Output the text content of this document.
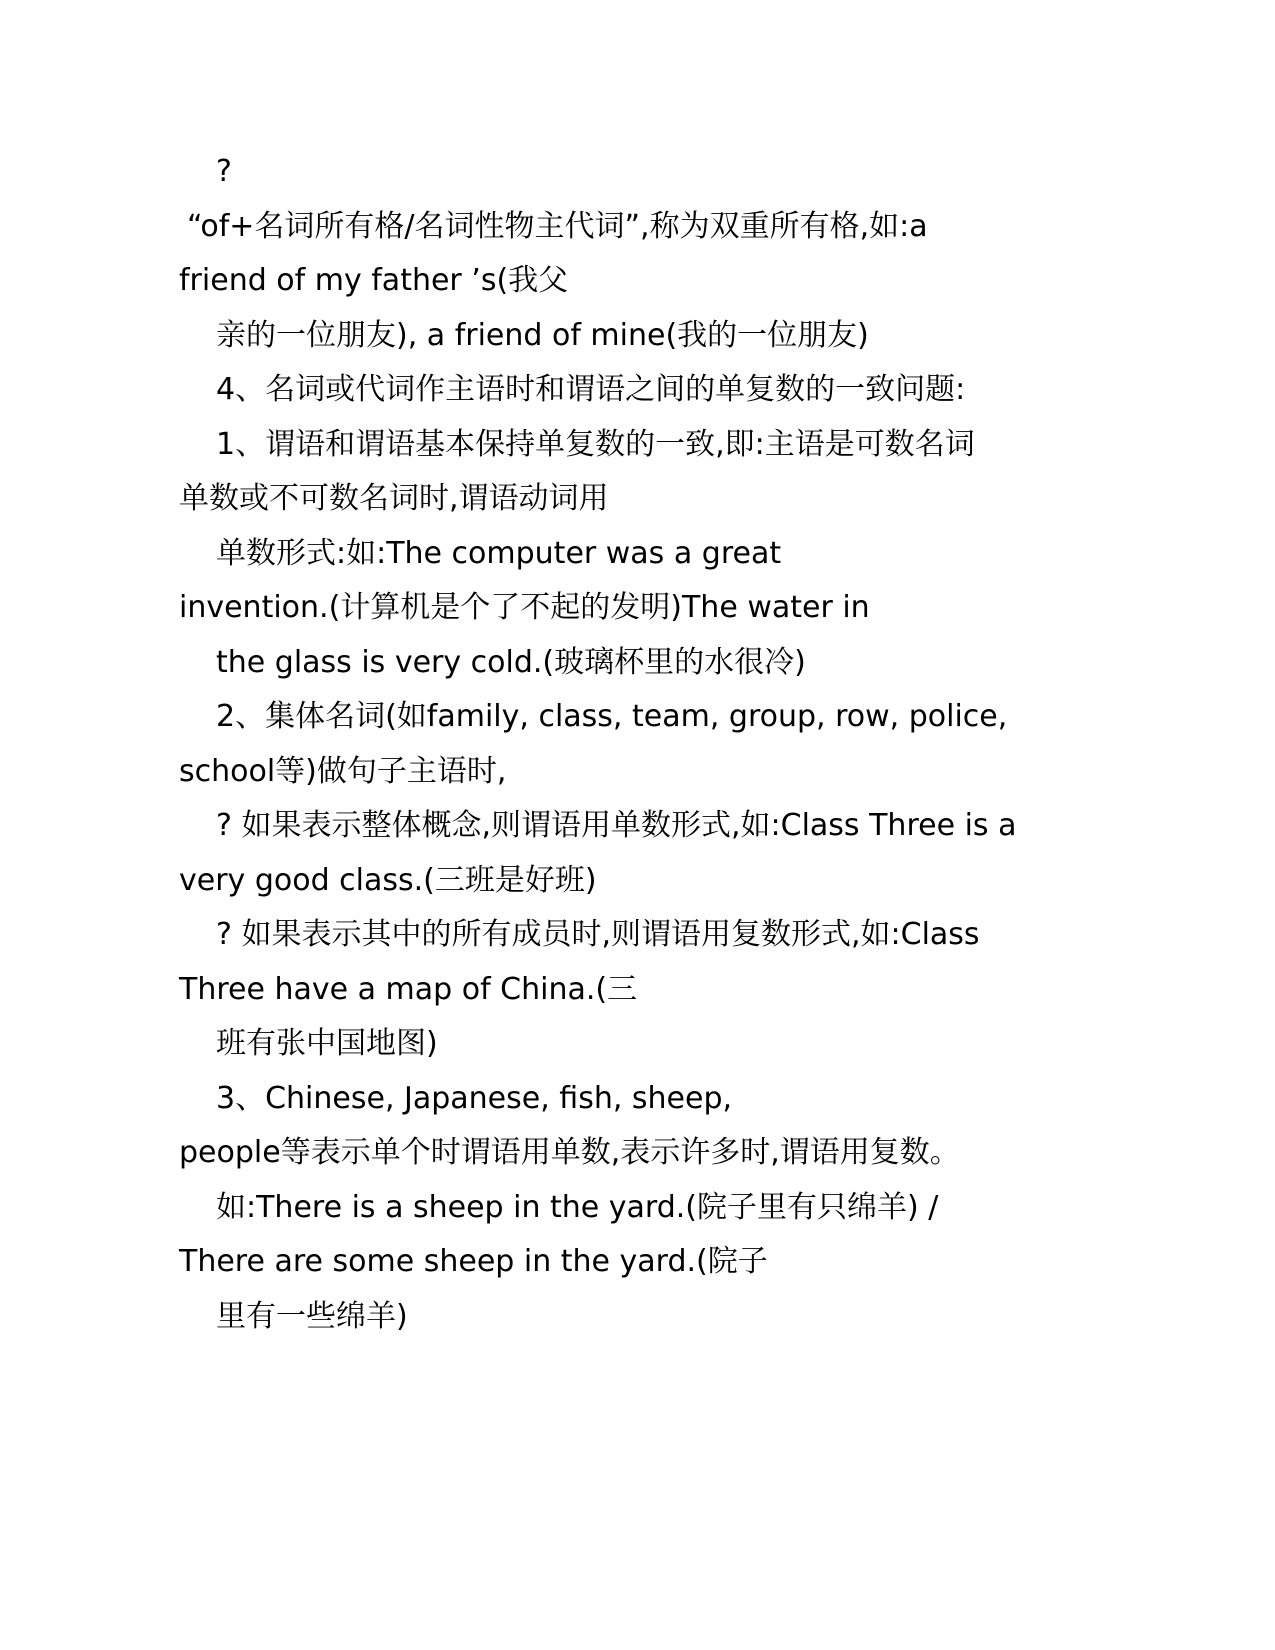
?
“of+名词所有格/名词性物主代词”,称为双重所有格,如:a
friend of my father ’s(我父
亲的一位朋友), a friend of mine(我的一位朋友)
4、名词或代词作主语时和谓语之间的单复数的一致问题:
1、谓语和谓语基本保持单复数的一致,即:主语是可数名词
单数或不可数名词时,谓语动词用
单数形式:如:The computer was a great
invention.(计算机是个了不起的发明)The water in
the glass is very cold.(玻璃杯里的水很冷)
2、集体名词(如family, class, team, group, row, police,
school等)做句子主语时,
? 如果表示整体概念,则谓语用单数形式,如:Class Three is a
very good class.(三班是好班)
? 如果表示其中的所有成员时,则谓语用复数形式,如:Class
Three have a map of China.(三
班有张中国地图)
3、Chinese, Japanese, fish, sheep,
people等表示单个时谓语用单数,表示许多时,谓语用复数。
如:There is a sheep in the yard.(院子里有只绵羊) /
There are some sheep in the yard.(院子
里有一些绵羊)
